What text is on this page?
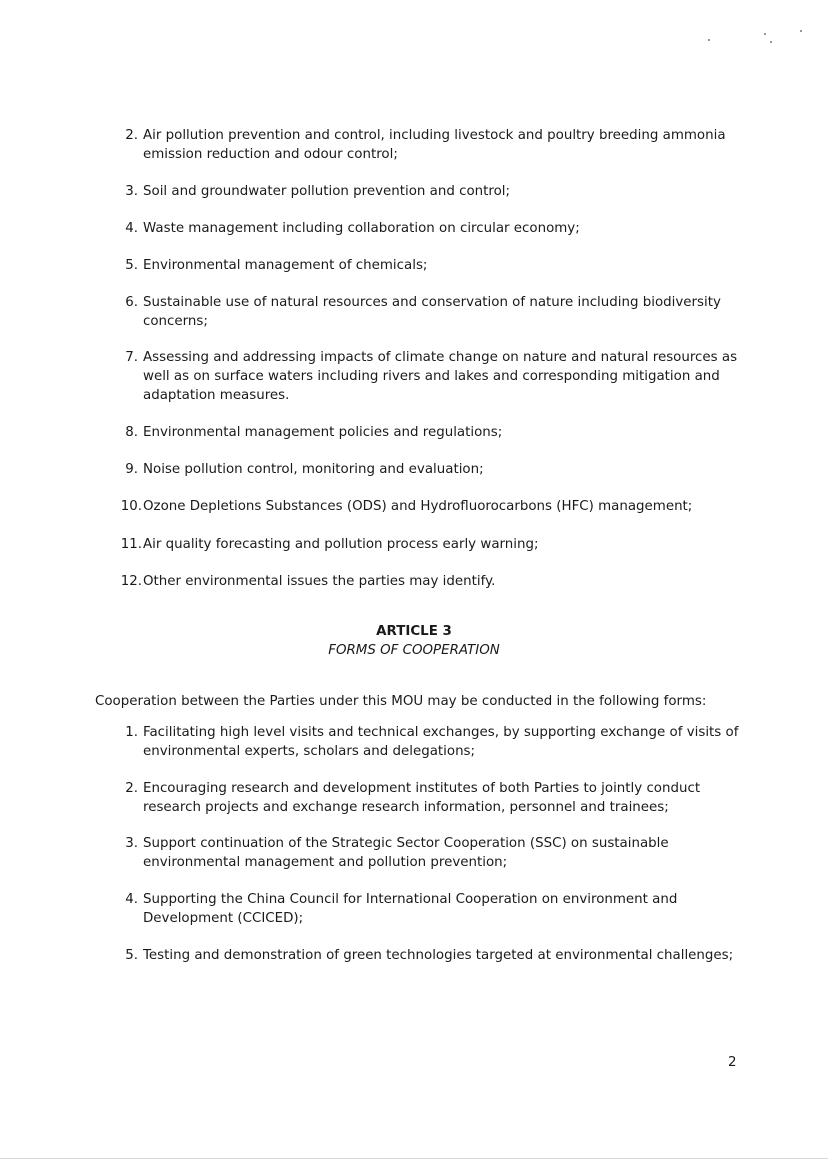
2. Air pollution prevention and control, including livestock and poultry breeding ammonia emission reduction and odour control;
3. Soil and groundwater pollution prevention and control;
4. Waste management including collaboration on circular economy;
5. Environmental management of chemicals;
6. Sustainable use of natural resources and conservation of nature including biodiversity concerns;
7. Assessing and addressing impacts of climate change on nature and natural resources as well as on surface waters including rivers and lakes and corresponding mitigation and adaptation measures.
8. Environmental management policies and regulations;
9. Noise pollution control, monitoring and evaluation;
10. Ozone Depletions Substances (ODS) and Hydrofluorocarbons (HFC) management;
11. Air quality forecasting and pollution process early warning;
12. Other environmental issues the parties may identify.
ARTICLE 3
FORMS OF COOPERATION
Cooperation between the Parties under this MOU may be conducted in the following forms:
1. Facilitating high level visits and technical exchanges, by supporting exchange of visits of environmental experts, scholars and delegations;
2. Encouraging research and development institutes of both Parties to jointly conduct research projects and exchange research information, personnel and trainees;
3. Support continuation of the Strategic Sector Cooperation (SSC) on sustainable environmental management and pollution prevention;
4. Supporting the China Council for International Cooperation on environment and Development (CCICED);
5. Testing and demonstration of green technologies targeted at environmental challenges;
2
